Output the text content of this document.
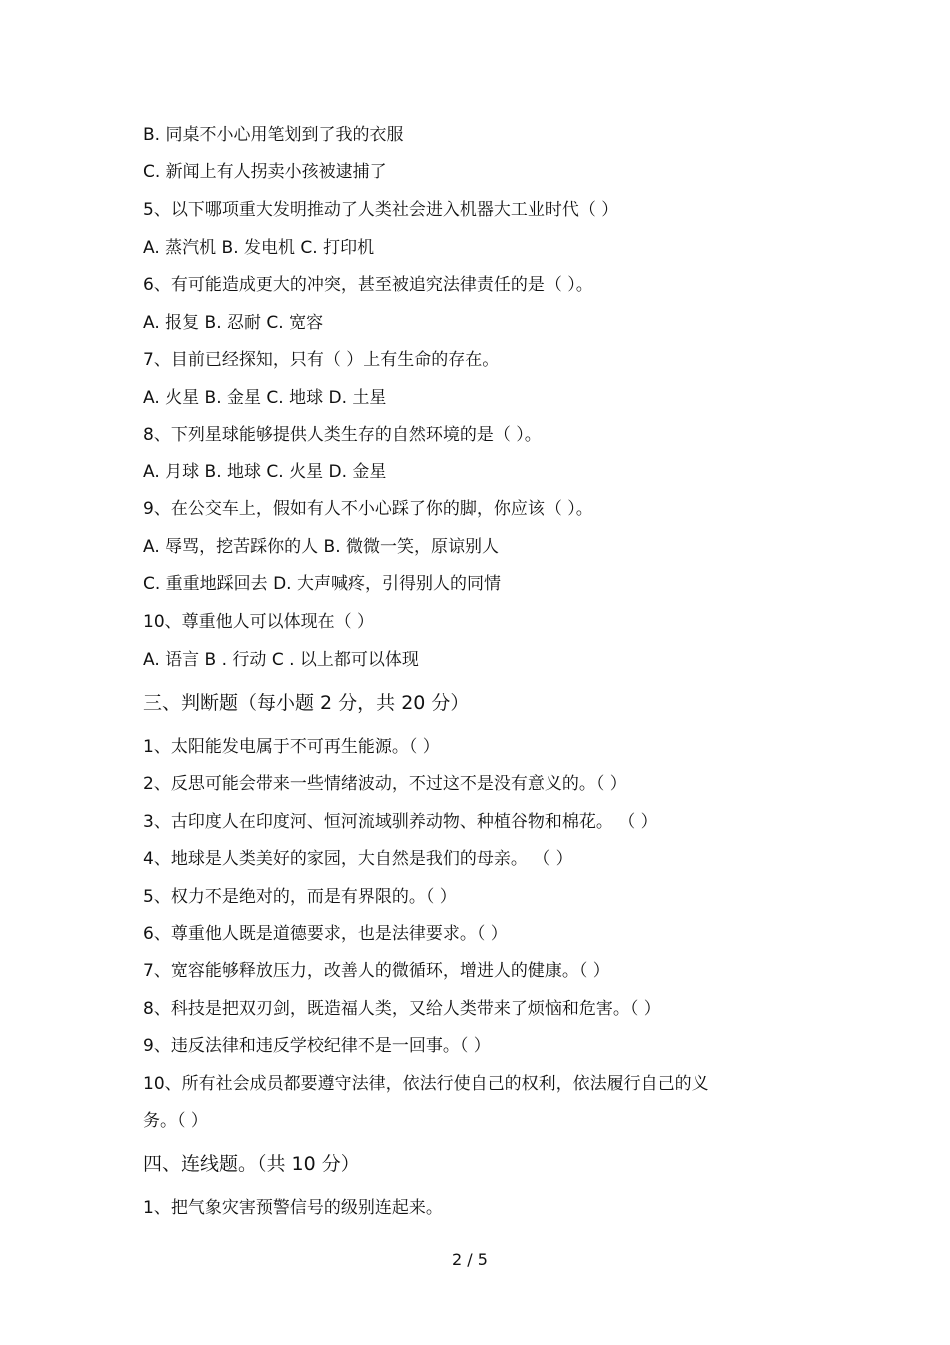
B. 同桌不小心用笔划到了我的衣服
C. 新闻上有人拐卖小孩被逮捕了
5、以下哪项重大发明推动了人类社会进入机器大工业时代（ ）
A. 蒸汽机 B. 发电机 C. 打印机
6、有可能造成更大的冲突，甚至被追究法律责任的是（ ）。
A. 报复 B. 忍耐 C. 宽容
7、目前已经探知，只有（ ）上有生命的存在。
A. 火星 B. 金星 C. 地球 D. 土星
8、下列星球能够提供人类生存的自然环境的是（ ）。
A. 月球 B. 地球 C. 火星 D. 金星
9、在公交车上，假如有人不小心踩了你的脚，你应该（ ）。
A. 辱骂，挖苦踩你的人 B. 微微一笑，原谅别人
C. 重重地踩回去 D. 大声喊疼，引得别人的同情
10、尊重他人可以体现在（ ）
A. 语言 B . 行动 C . 以上都可以体现
三、判断题（每小题 2 分，共 20 分）
1、太阳能发电属于不可再生能源。（ ）
2、反思可能会带来一些情绪波动，不过这不是没有意义的。（ ）
3、古印度人在印度河、恒河流域驯养动物、种植谷物和棉花。 （ ）
4、地球是人类美好的家园，大自然是我们的母亲。 （ ）
5、权力不是绝对的，而是有界限的。（ ）
6、尊重他人既是道德要求，也是法律要求。（ ）
7、宽容能够释放压力，改善人的微循环，增进人的健康。（ ）
8、科技是把双刃剑，既造福人类，又给人类带来了烦恼和危害。（ ）
9、违反法律和违反学校纪律不是一回事。（ ）
10、所有社会成员都要遵守法律，依法行使自己的权利，依法履行自己的义
务。（ ）
四、连线题。（共 10 分）
1、把气象灾害预警信号的级别连起来。
2 / 5
